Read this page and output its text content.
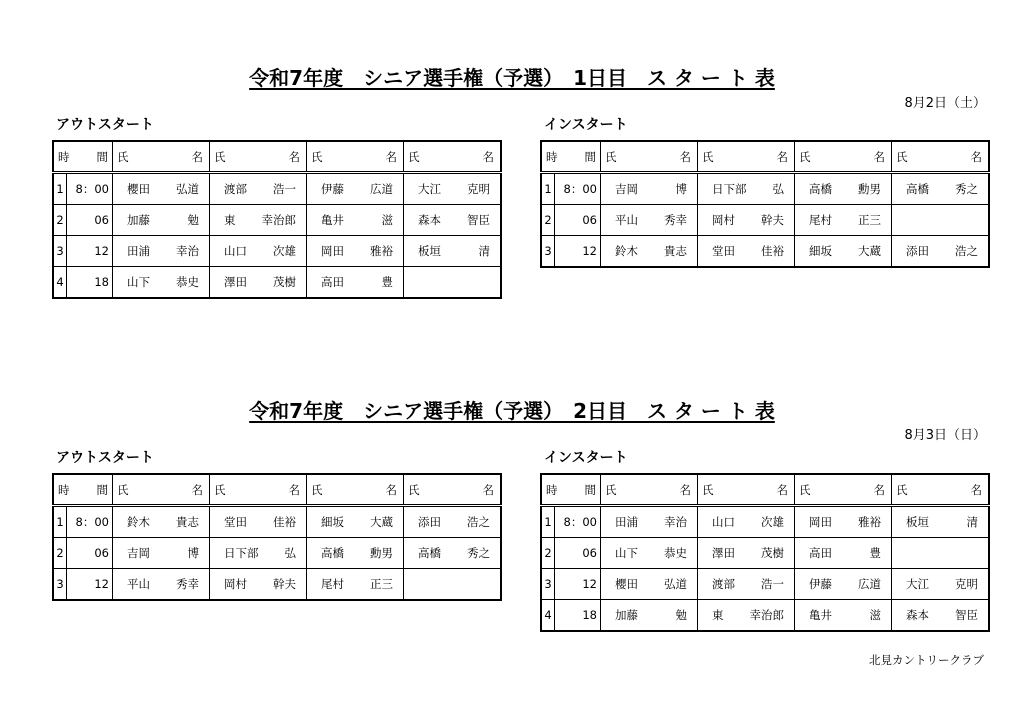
令和7年度　シニア選手権（予選）　1日目　ス タ ー ト 表
8月2日（土）
アウトスタート	インスタート
時 間		氏 名	氏 名	氏 名	氏 名

1	8：00	櫻田 弘道	渡部 浩一	伊藤 広道	大江 克明

2	06	加藤 勉	東 幸治郎	亀井 滋	森本 智臣

3	12	田浦 幸治	山口 次雄	岡田 雅裕	板垣 清

4	18	山下 恭史	澤田 茂樹	高田 豊	

時 間		氏 名	氏 名	氏 名	氏 名

1	8：00	吉岡 博	日下部 弘	高橋 勳男	高橋 秀之

2	06	平山 秀幸	岡村 幹夫	尾村 正三	

3	12	鈴木 貴志	堂田 佳裕	細坂 大蔵	添田 浩之
令和7年度　シニア選手権（予選）　2日目　ス タ ー ト 表
8月3日（日）
アウトスタート	インスタート
時 間		氏 名	氏 名	氏 名	氏 名

1	8：00	鈴木 貴志	堂田 佳裕	細坂 大蔵	添田 浩之

2	06	吉岡 博	日下部 弘	高橋 勳男	高橋 秀之

3	12	平山 秀幸	岡村 幹夫	尾村 正三	

時 間		氏 名	氏 名	氏 名	氏 名

1	8：00	田浦 幸治	山口 次雄	岡田 雅裕	板垣 清

2	06	山下 恭史	澤田 茂樹	高田 豊	

3	12	櫻田 弘道	渡部 浩一	伊藤 広道	大江 克明

4	18	加藤 勉	東 幸治郎	亀井 滋	森本 智臣
北見カントリークラブ
